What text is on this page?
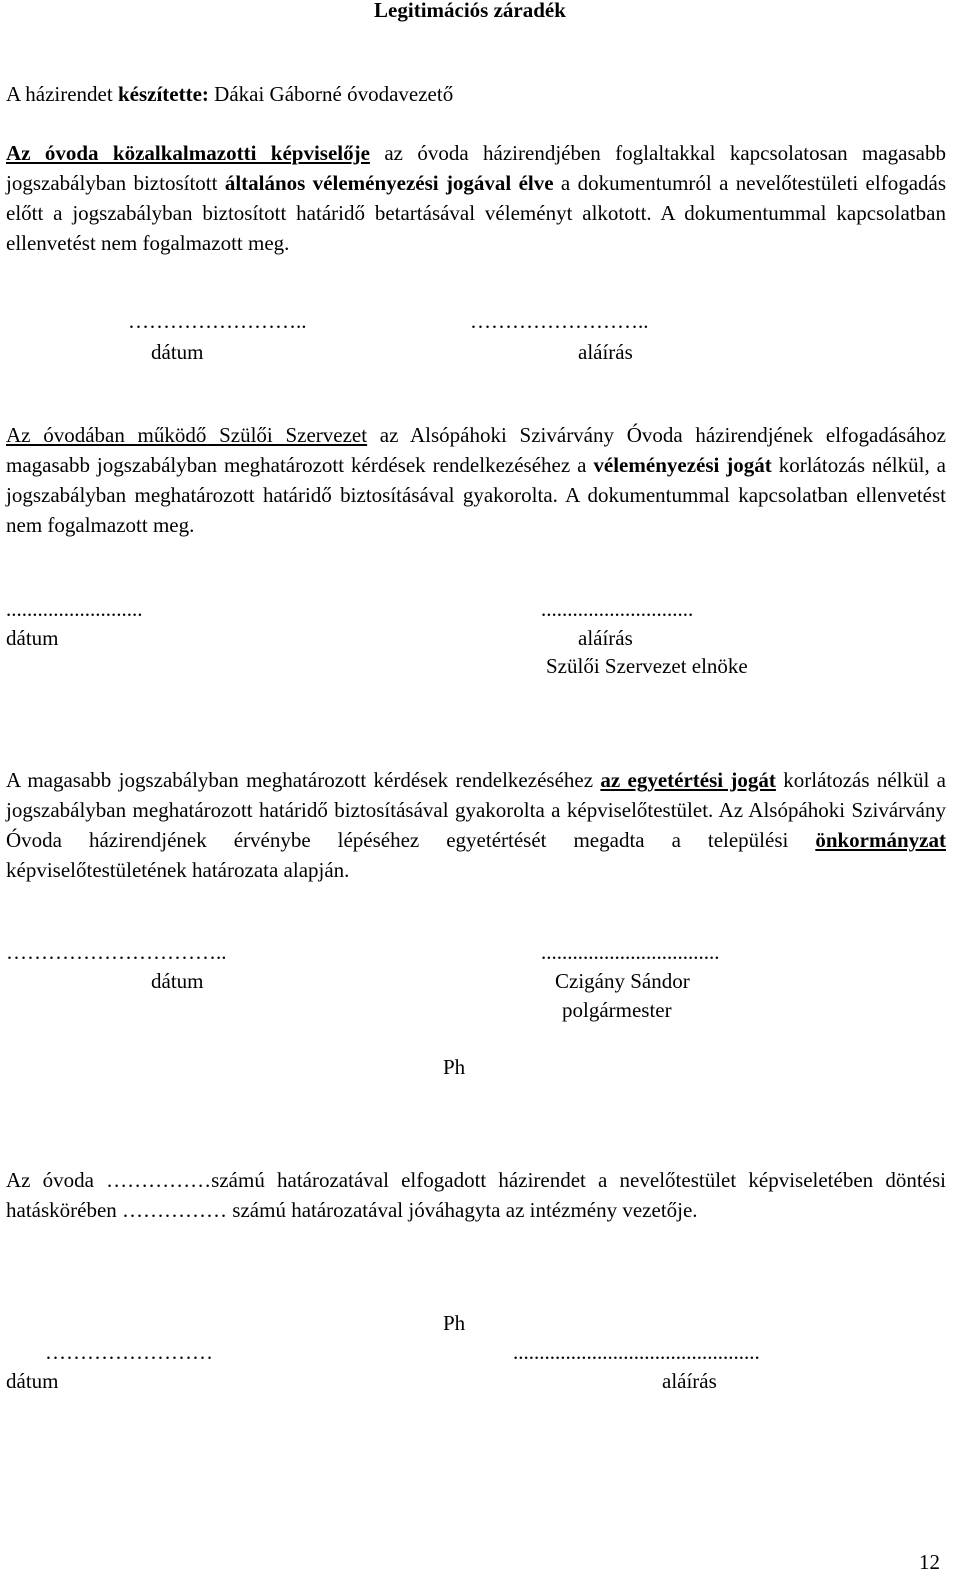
Legitimációs záradék

A házirendet készítette: Dákai Gáborné óvodavezető

Az óvoda közalkalmazotti képviselője az óvoda házirendjében foglaltakkal kapcsolatosan magasabb jogszabályban biztosított általános véleményezési jogával élve a dokumentumról a nevelőtestületi elfogadás előtt a jogszabályban biztosított határidő betartásával véleményt alkotott. A dokumentummal kapcsolatban ellenvetést nem fogalmazott meg.

……………………..	……………………..

dátum	aláírás

Az óvodában működő Szülői Szervezet az Alsópáhoki Szivárvány Óvoda házirendjének elfogadásához magasabb jogszabályban meghatározott kérdések rendelkezéséhez a véleményezési jogát korlátozás nélkül, a jogszabályban meghatározott határidő biztosításával gyakorolta. A dokumentummal kapcsolatban ellenvetést nem fogalmazott meg.

..........................	.............................

dátum	aláírás

Szülői Szervezet elnöke

A magasabb jogszabályban meghatározott kérdések rendelkezéséhez az egyetértési jogát korlátozás nélkül a jogszabályban meghatározott határidő biztosításával gyakorolta a képviselőtestület. Az Alsópáhoki Szivárvány Óvoda házirendjének érvénybe lépéséhez egyetértését megadta a települési önkormányzat képviselőtestületének határozata alapján.

…………………………..	..................................

dátum	Czigány Sándor

polgármester

Ph

Az óvoda ……………számú határozatával elfogadott házirendet a nevelőtestület képviseletében döntési hatáskörében …………… számú határozatával jóváhagyta az intézmény vezetője.

Ph

……………………	...............................................

dátum	aláírás

12
